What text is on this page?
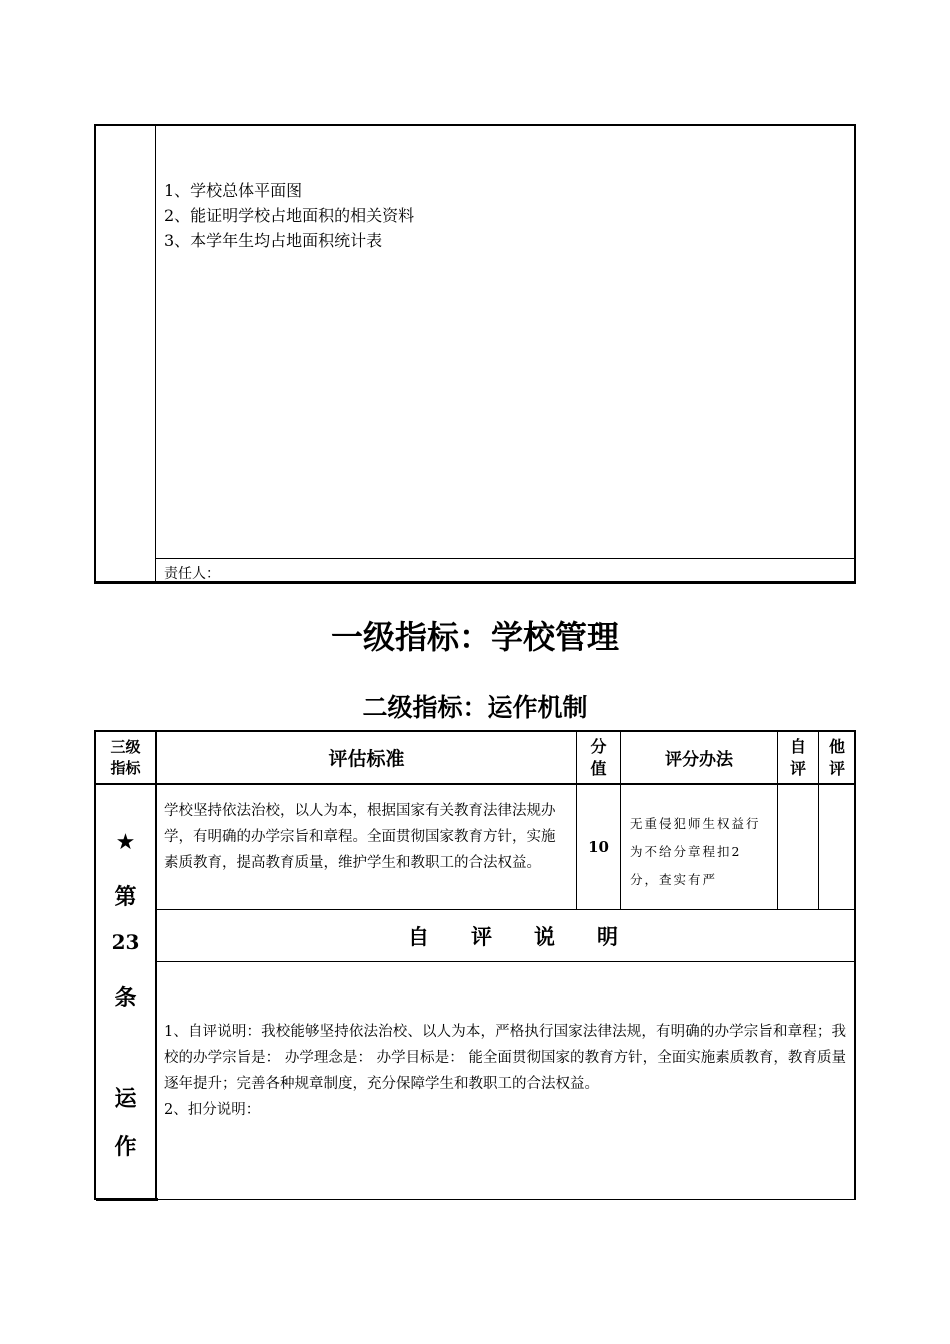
1、学校总体平面图
2、能证明学校占地面积的相关资料
3、本学年生均占地面积统计表
责任人：
一级指标：学校管理
二级指标：运作机制
三级
指标	评估标准
分
值	评分办法
自
评
他
评
★
第
23
条
运
作
学校坚持依法治校，以人为本，根据国家有关教育法律法规办学，有明确的办学宗旨和章程。全面贯彻国家教育方针，实施素质教育，提高教育质量，维护学生和教职工的合法权益。
10
无重侵犯师生权益行为不给分章程扣2分，查实有严
自评说明
1、自评说明：我校能够坚持依法治校、以人为本，严格执行国家法律法规，有明确的办学宗旨和章程；我校的办学宗旨是： 办学理念是： 办学目标是： 能全面贯彻国家的教育方针，全面实施素质教育，教育质量逐年提升；完善各种规章制度，充分保障学生和教职工的合法权益。
2、扣分说明：
